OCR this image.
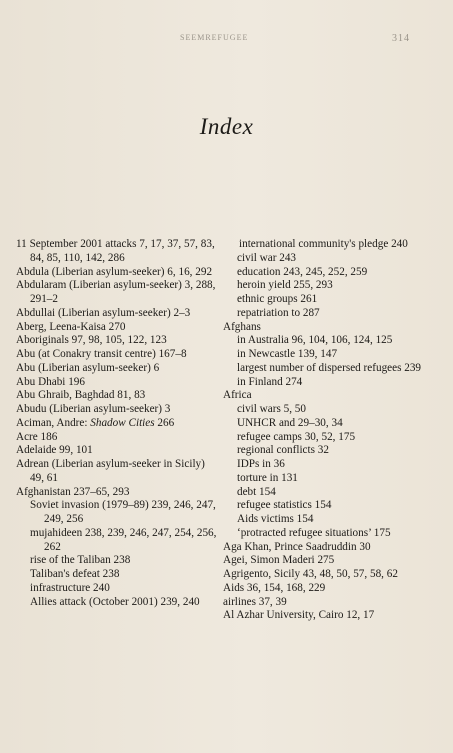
SEEMREFUGEE	314
Index

11 September 2001 attacks 7, 17, 37, 57, 83, 84, 85, 110, 142, 286

Abdula (Liberian asylum-seeker) 6, 16, 292

Abdularam (Liberian asylum-seeker) 3, 288, 291–2

Abdullai (Liberian asylum-seeker) 2–3

Aberg, Leena-Kaisa 270

Aboriginals 97, 98, 105, 122, 123

Abu (at Conakry transit centre) 167–8

Abu (Liberian asylum-seeker) 6

Abu Dhabi 196

Abu Ghraib, Baghdad 81, 83

Abudu (Liberian asylum-seeker) 3

Aciman, Andre: Shadow Cities 266

Acre 186

Adelaide 99, 101

Adrean (Liberian asylum-seeker in Sicily) 49, 61

Afghanistan 237–65, 293

Soviet invasion (1979–89) 239, 246, 247, 249, 256

mujahideen 238, 239, 246, 247, 254, 256, 262

rise of the Taliban 238

Taliban's defeat 238

infrastructure 240

Allies attack (October 2001) 239, 240

international community's pledge 240

civil war 243

education 243, 245, 252, 259

heroin yield 255, 293

ethnic groups 261

repatriation to 287

Afghans

in Australia 96, 104, 106, 124, 125

in Newcastle 139, 147

largest number of dispersed refugees 239

in Finland 274

Africa

civil wars 5, 50

UNHCR and 29–30, 34

refugee camps 30, 52, 175

regional conflicts 32

IDPs in 36

torture in 131

debt 154

refugee statistics 154

Aids victims 154

‘protracted refugee situations’ 175

Aga Khan, Prince Saadruddin 30

Agei, Simon Maderi 275

Agrigento, Sicily 43, 48, 50, 57, 58, 62

Aids 36, 154, 168, 229

airlines 37, 39

Al Azhar University, Cairo 12, 17
